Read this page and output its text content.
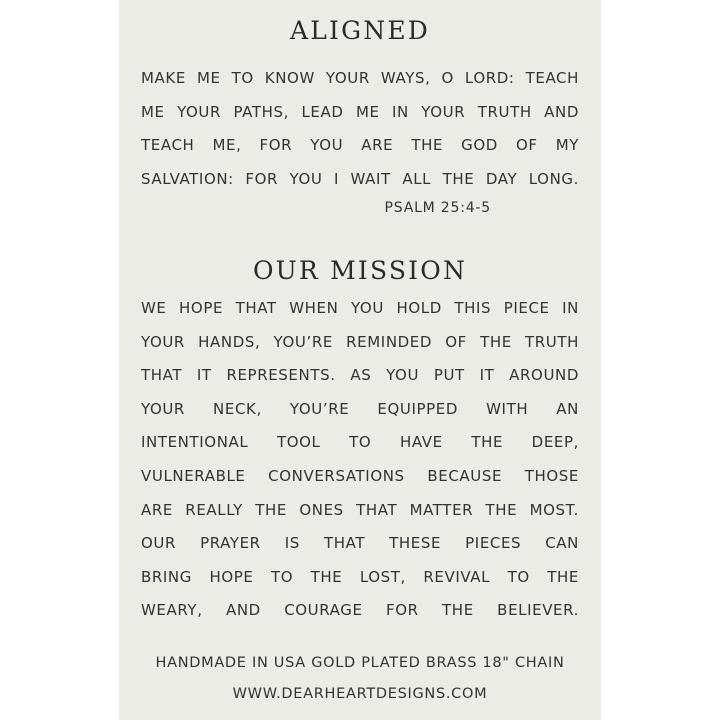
ALIGNED
MAKE ME TO KNOW YOUR WAYS, O LORD: TEACH
ME YOUR PATHS, LEAD ME IN YOUR TRUTH AND
TEACH ME, FOR YOU ARE THE GOD OF MY
SALVATION: FOR YOU I WAIT ALL THE DAY LONG.
PSALM 25:4-5
OUR MISSION
WE HOPE THAT WHEN YOU HOLD THIS PIECE IN
YOUR HANDS, YOU’RE REMINDED OF THE TRUTH
THAT IT REPRESENTS. AS YOU PUT IT AROUND
YOUR NECK, YOU’RE EQUIPPED WITH AN
INTENTIONAL TOOL TO HAVE THE DEEP,
VULNERABLE CONVERSATIONS BECAUSE THOSE
ARE REALLY THE ONES THAT MATTER THE MOST.
OUR PRAYER IS THAT THESE PIECES CAN
BRING HOPE TO THE LOST, REVIVAL TO THE
WEARY, AND COURAGE FOR THE BELIEVER.
HANDMADE IN USA GOLD PLATED BRASS 18" CHAIN
WWW.DEARHEARTDESIGNS.COM
